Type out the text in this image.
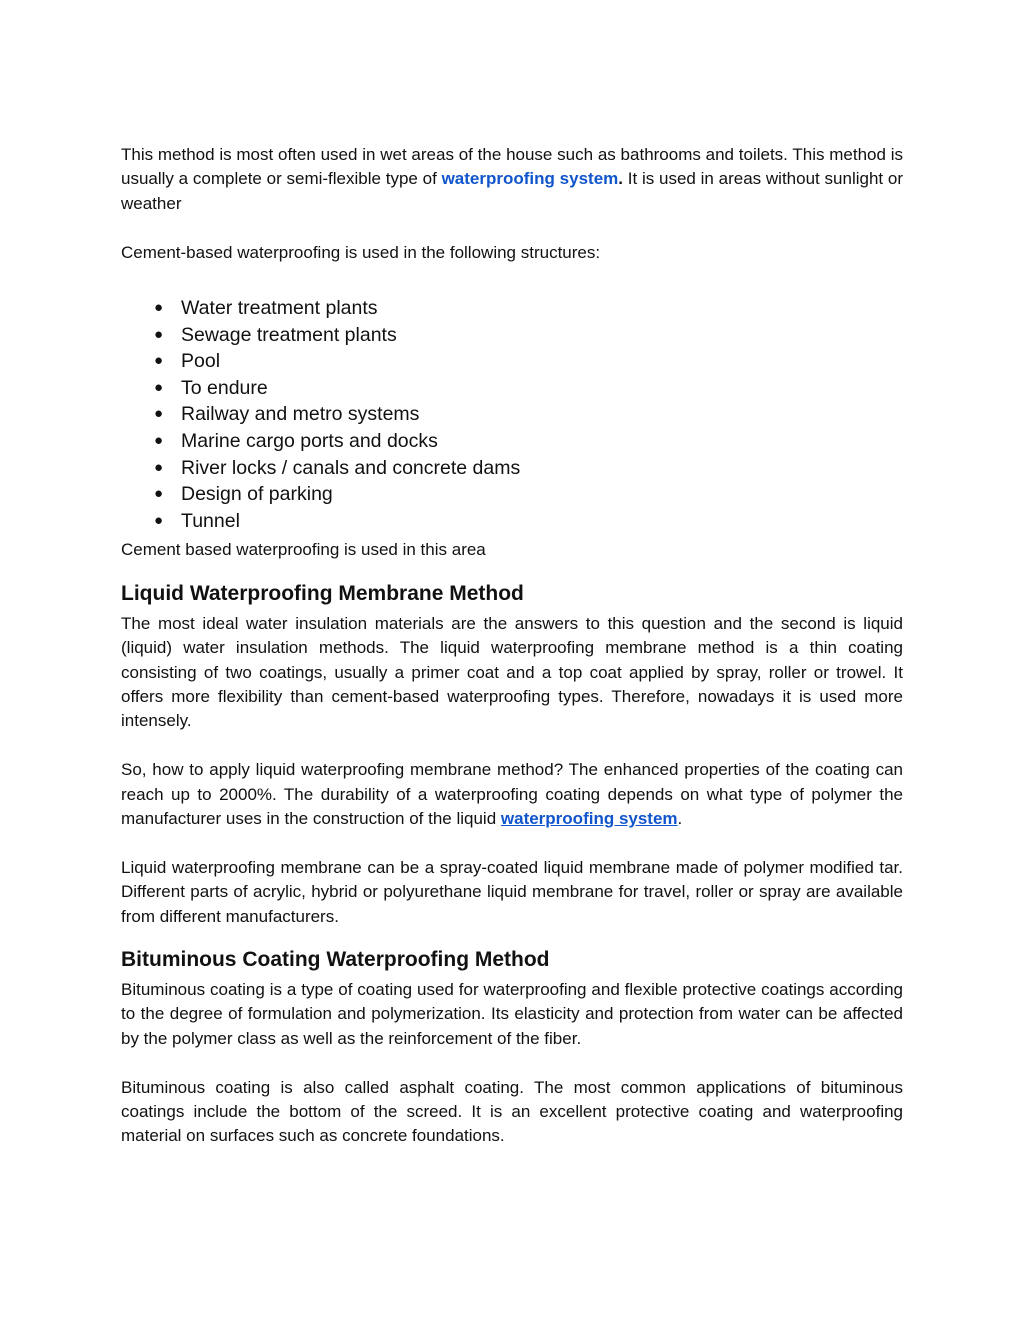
This method is most often used in wet areas of the house such as bathrooms and toilets. This method is usually a complete or semi-flexible type of waterproofing system. It is used in areas without sunlight or weather

Cement-based waterproofing is used in the following structures:

● Water treatment plants
● Sewage treatment plants
● Pool
● To endure
● Railway and metro systems
● Marine cargo ports and docks
● River locks / canals and concrete dams
● Design of parking
● Tunnel

Cement based waterproofing is used in this area

Liquid Waterproofing Membrane Method

The most ideal water insulation materials are the answers to this question and the second is liquid (liquid) water insulation methods. The liquid waterproofing membrane method is a thin coating consisting of two coatings, usually a primer coat and a top coat applied by spray, roller or trowel. It offers more flexibility than cement-based waterproofing types. Therefore, nowadays it is used more intensely.

So, how to apply liquid waterproofing membrane method? The enhanced properties of the coating can reach up to 2000%. The durability of a waterproofing coating depends on what type of polymer the manufacturer uses in the construction of the liquid waterproofing system.

Liquid waterproofing membrane can be a spray-coated liquid membrane made of polymer modified tar. Different parts of acrylic, hybrid or polyurethane liquid membrane for travel, roller or spray are available from different manufacturers.

Bituminous Coating Waterproofing Method

Bituminous coating is a type of coating used for waterproofing and flexible protective coatings according to the degree of formulation and polymerization. Its elasticity and protection from water can be affected by the polymer class as well as the reinforcement of the fiber.

Bituminous coating is also called asphalt coating. The most common applications of bituminous coatings include the bottom of the screed. It is an excellent protective coating and waterproofing material on surfaces such as concrete foundations.
